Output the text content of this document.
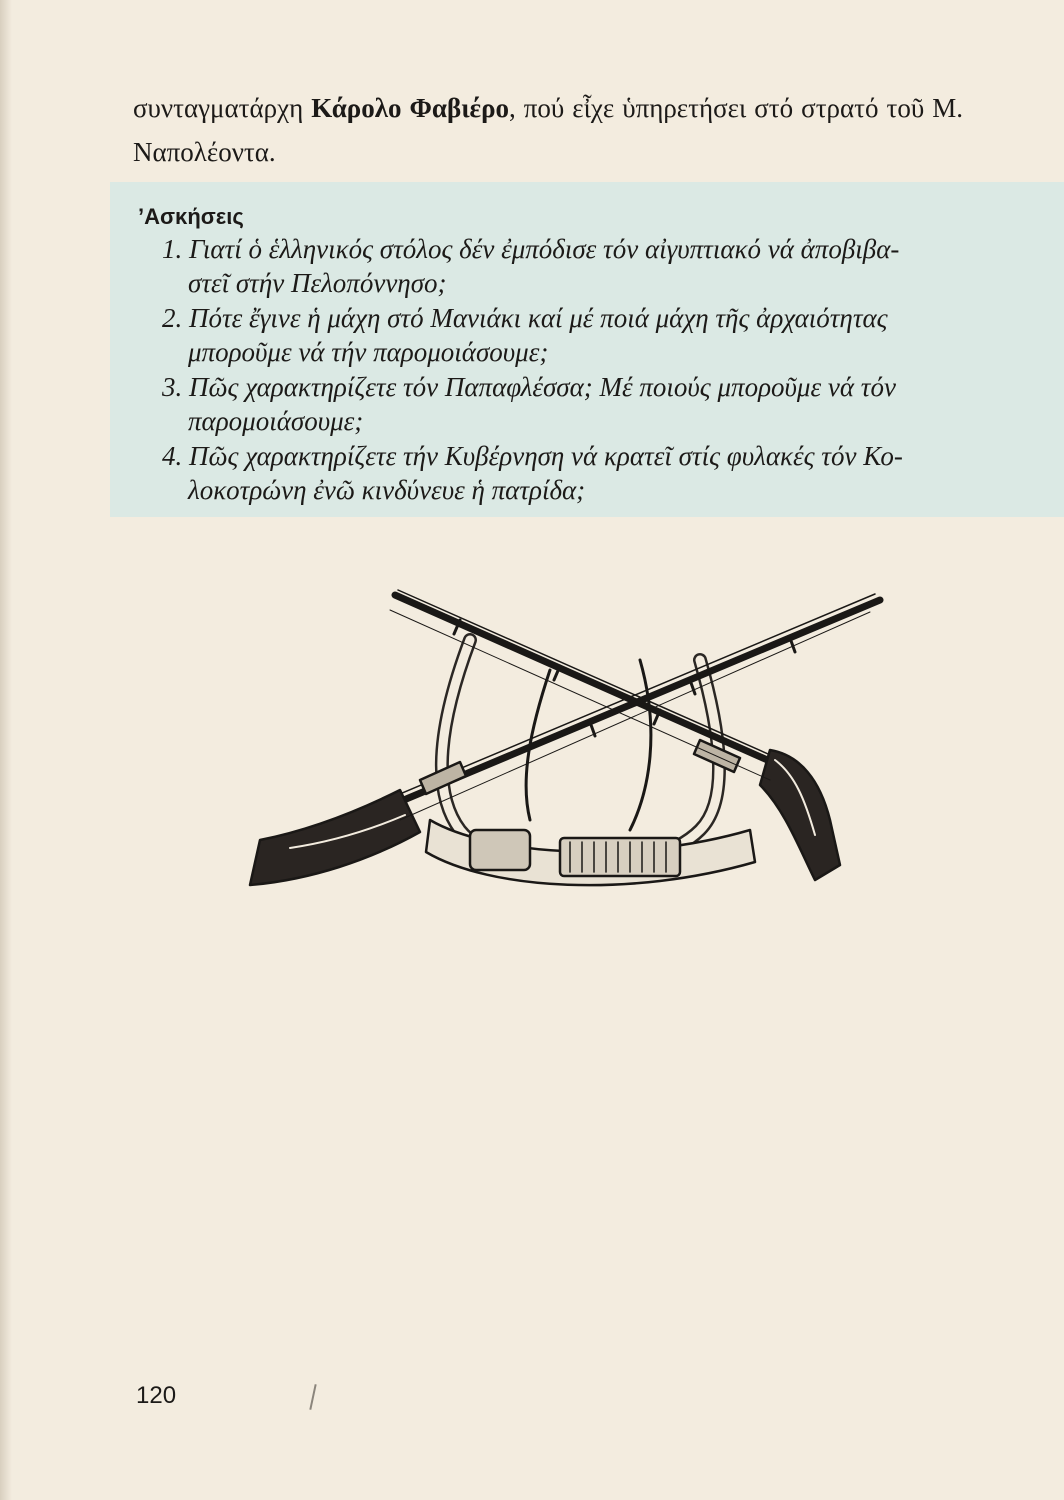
συνταγματάρχη Κάρολο Φαβιέρο, πού εἶχε ὑπηρετήσει στό στρατό τοῦ Μ. Ναπολέοντα.

’Ασκήσεις
1. Γιατί ὁ ἑλληνικός στόλος δέν ἐμπόδισε τόν αἰγυπτιακό νά ἀποβιβα-
στεῖ στήν Πελοπόννησο;
2. Πότε ἔγινε ἡ μάχη στό Μανιάκι καί μέ ποιά μάχη τῆς ἀρχαιότητας
μποροῦμε νά τήν παρομοιάσουμε;
3. Πῶς χαρακτηρίζετε τόν Παπαφλέσσα; Μέ ποιούς μποροῦμε νά τόν
παρομοιάσουμε;
4. Πῶς χαρακτηρίζετε τήν Κυβέρνηση νά κρατεῖ στίς φυλακές τόν Κο-
λοκοτρώνη ἐνῶ κινδύνευε ἡ πατρίδα;
120
